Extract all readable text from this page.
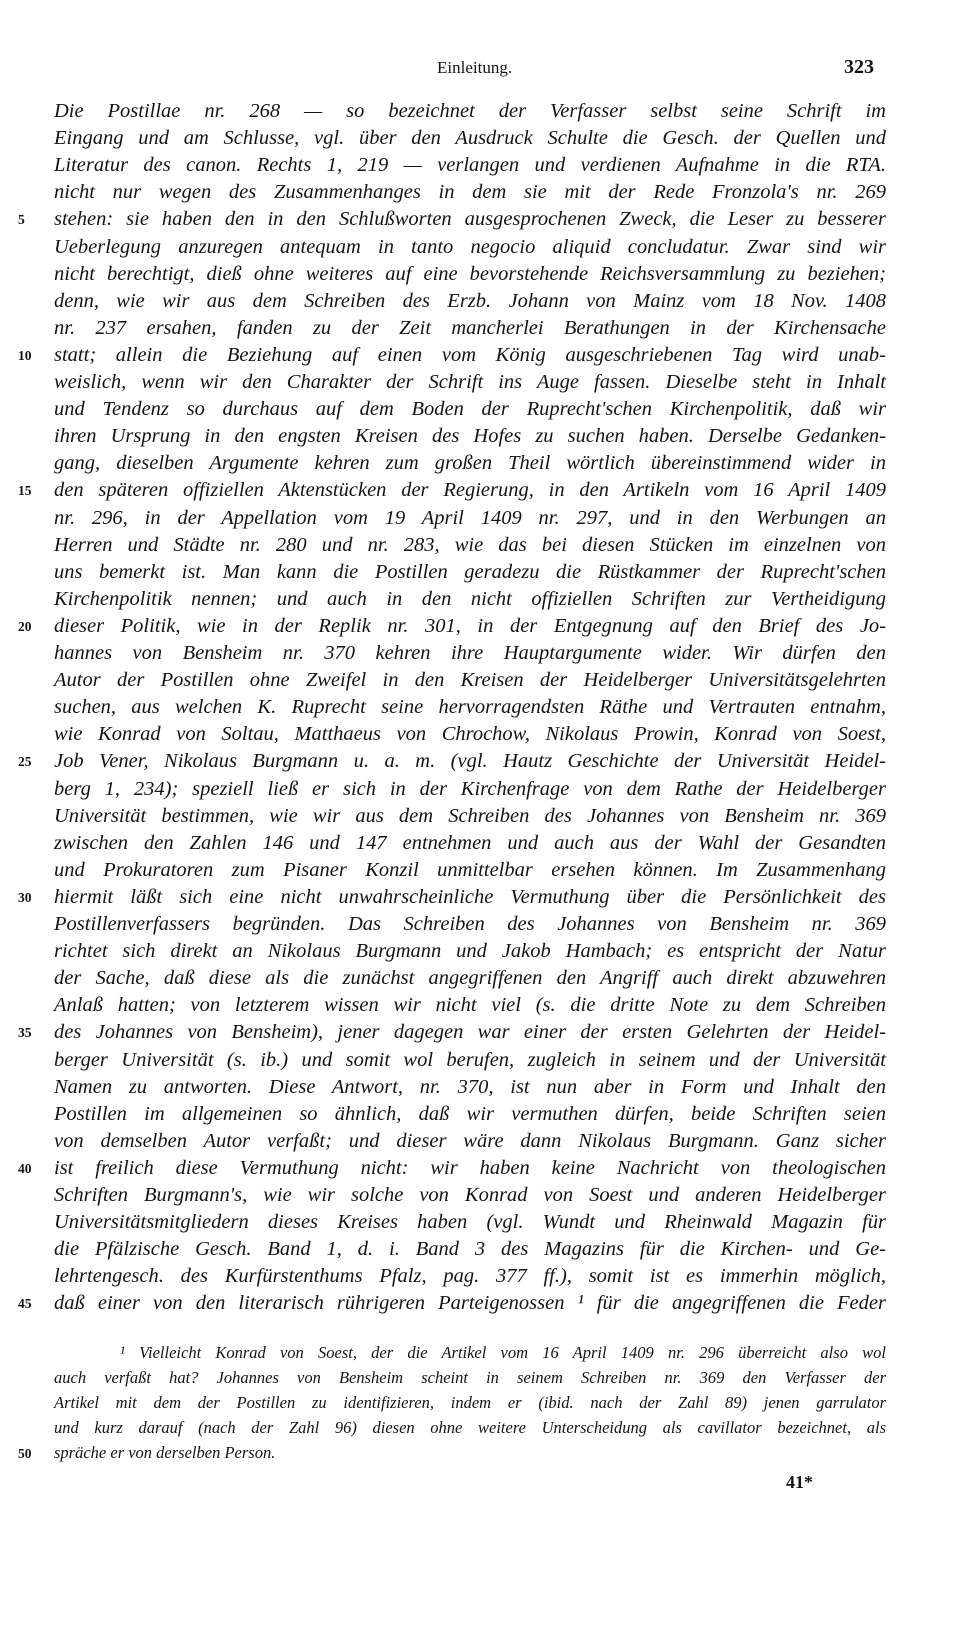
Einleitung.	323
Die Postillae nr. 268 — so bezeichnet der Verfasser selbst seine Schrift im
Eingang und am Schlusse, vgl. über den Ausdruck Schulte die Gesch. der Quellen und
Literatur des canon. Rechts 1, 219 — verlangen und verdienen Aufnahme in die RTA.
nicht nur wegen des Zusammenhanges in dem sie mit der Rede Fronzola's nr. 269
stehen: sie haben den in den Schlußworten ausgesprochenen Zweck, die Leser zu besserer
Ueberlegung anzuregen antequam in tanto negocio aliquid concludatur. Zwar sind wir
nicht berechtigt, dieß ohne weiteres auf eine bevorstehende Reichsversammlung zu beziehen;
denn, wie wir aus dem Schreiben des Erzb. Johann von Mainz vom 18 Nov. 1408
nr. 237 ersahen, fanden zu der Zeit mancherlei Berathungen in der Kirchensache
statt; allein die Beziehung auf einen vom König ausgeschriebenen Tag wird unab-
weislich, wenn wir den Charakter der Schrift ins Auge fassen. Dieselbe steht in Inhalt
und Tendenz so durchaus auf dem Boden der Ruprecht'schen Kirchenpolitik, daß wir
ihren Ursprung in den engsten Kreisen des Hofes zu suchen haben. Derselbe Gedanken-
gang, dieselben Argumente kehren zum großen Theil wörtlich übereinstimmend wider in
den späteren offiziellen Aktenstücken der Regierung, in den Artikeln vom 16 April 1409
nr. 296, in der Appellation vom 19 April 1409 nr. 297, und in den Werbungen an
Herren und Städte nr. 280 und nr. 283, wie das bei diesen Stücken im einzelnen von
uns bemerkt ist. Man kann die Postillen geradezu die Rüstkammer der Ruprecht'schen
Kirchenpolitik nennen; und auch in den nicht offiziellen Schriften zur Vertheidigung
dieser Politik, wie in der Replik nr. 301, in der Entgegnung auf den Brief des Jo-
hannes von Bensheim nr. 370 kehren ihre Hauptargumente wider. Wir dürfen den
Autor der Postillen ohne Zweifel in den Kreisen der Heidelberger Universitätsgelehrten
suchen, aus welchen K. Ruprecht seine hervorragendsten Räthe und Vertrauten entnahm,
wie Konrad von Soltau, Matthaeus von Chrochow, Nikolaus Prowin, Konrad von Soest,
Job Vener, Nikolaus Burgmann u. a. m. (vgl. Hautz Geschichte der Universität Heidel-
berg 1, 234); speziell ließ er sich in der Kirchenfrage von dem Rathe der Heidelberger
Universität bestimmen, wie wir aus dem Schreiben des Johannes von Bensheim nr. 369
zwischen den Zahlen 146 und 147 entnehmen und auch aus der Wahl der Gesandten
und Prokuratoren zum Pisaner Konzil unmittelbar ersehen können. Im Zusammenhang
hiermit läßt sich eine nicht unwahrscheinliche Vermuthung über die Persönlichkeit des
Postillenverfassers begründen. Das Schreiben des Johannes von Bensheim nr. 369
richtet sich direkt an Nikolaus Burgmann und Jakob Hambach; es entspricht der Natur
der Sache, daß diese als die zunächst angegriffenen den Angriff auch direkt abzuwehren
Anlaß hatten; von letzterem wissen wir nicht viel (s. die dritte Note zu dem Schreiben
des Johannes von Bensheim), jener dagegen war einer der ersten Gelehrten der Heidel-
berger Universität (s. ib.) und somit wol berufen, zugleich in seinem und der Universität
Namen zu antworten. Diese Antwort, nr. 370, ist nun aber in Form und Inhalt den
Postillen im allgemeinen so ähnlich, daß wir vermuthen dürfen, beide Schriften seien
von demselben Autor verfaßt; und dieser wäre dann Nikolaus Burgmann. Ganz sicher
ist freilich diese Vermuthung nicht: wir haben keine Nachricht von theologischen
Schriften Burgmann's, wie wir solche von Konrad von Soest und anderen Heidelberger
Universitätsmitgliedern dieses Kreises haben (vgl. Wundt und Rheinwald Magazin für
die Pfälzische Gesch. Band 1, d. i. Band 3 des Magazins für die Kirchen- und Ge-
lehrtengesch. des Kurfürstenthums Pfalz, pag. 377 ff.), somit ist es immerhin möglich,
daß einer von den literarisch rührigeren Parteigenossen ¹ für die angegriffenen die Feder
5
10
15
20
25
30
35
40
45
50
¹ Vielleicht Konrad von Soest, der die Artikel vom 16 April 1409 nr. 296 überreicht also wol
auch verfaßt hat? Johannes von Bensheim scheint in seinem Schreiben nr. 369 den Verfasser der
Artikel mit dem der Postillen zu identifizieren, indem er (ibid. nach der Zahl 89) jenen garrulator
und kurz darauf (nach der Zahl 96) diesen ohne weitere Unterscheidung als cavillator bezeichnet, als
spräche er von derselben Person.
41*
